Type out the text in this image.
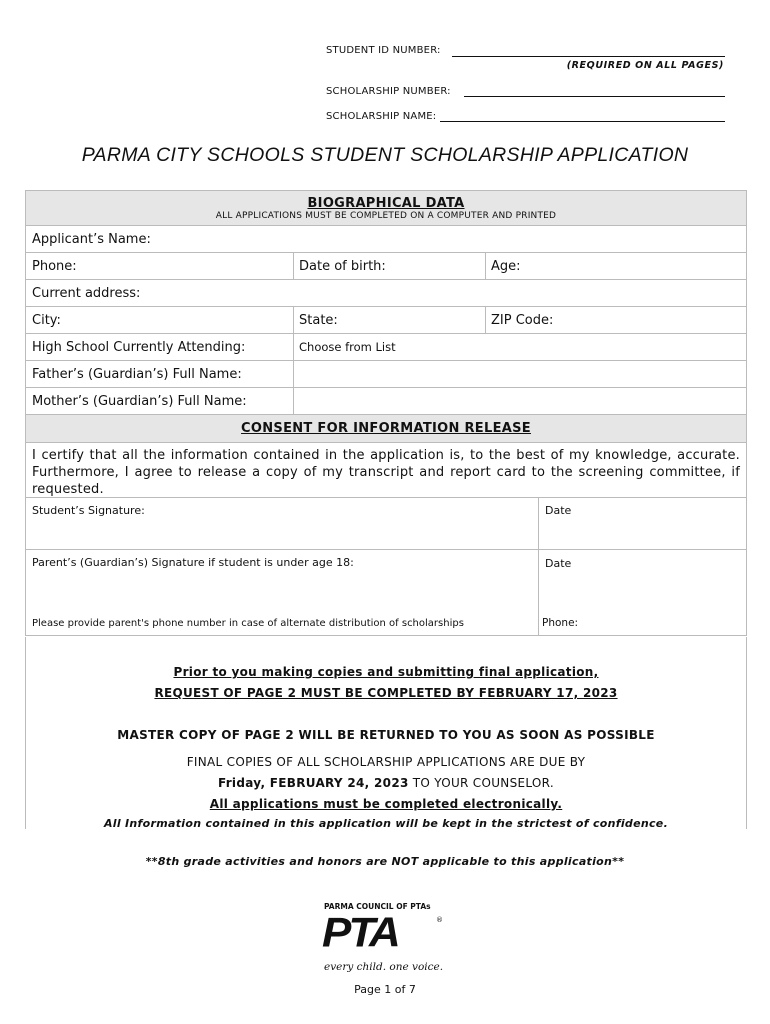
STUDENT ID NUMBER:
(REQUIRED ON ALL PAGES)
SCHOLARSHIP NUMBER:
SCHOLARSHIP NAME:
PARMA CITY SCHOOLS STUDENT SCHOLARSHIP APPLICATION
BIOGRAPHICAL DATA
ALL APPLICATIONS MUST BE COMPLETED ON A COMPUTER AND PRINTED
Applicant’s Name:
Phone:	Date of birth:	Age:
Current address:
City:	State:	ZIP Code:
High School Currently Attending:	Choose from List
Father’s (Guardian’s) Full Name:
Mother’s (Guardian’s) Full Name:
CONSENT FOR INFORMATION RELEASE
I certify that all the information contained in the application is, to the best of my knowledge, accurate. Furthermore, I agree to release a copy of my transcript and report card to the screening committee, if requested.
Student’s Signature:	Date
Parent’s (Guardian’s) Signature if student is under age 18:	Date
Please provide parent's phone number in case of alternate distribution of scholarships	Phone:
Prior to you making copies and submitting final application,
REQUEST OF PAGE 2 MUST BE COMPLETED BY FEBRUARY 17, 2023
MASTER COPY OF PAGE 2 WILL BE RETURNED TO YOU AS SOON AS POSSIBLE
FINAL COPIES OF ALL SCHOLARSHIP APPLICATIONS ARE DUE BY
Friday, FEBRUARY 24, 2023 TO YOUR COUNSELOR.
All applications must be completed electronically.
All Information contained in this application will be kept in the strictest of confidence.
**8th grade activities and honors are NOT applicable to this application**
PARMA COUNCIL OF PTAs
PTA	®
every child. one voice.
Page 1 of 7
